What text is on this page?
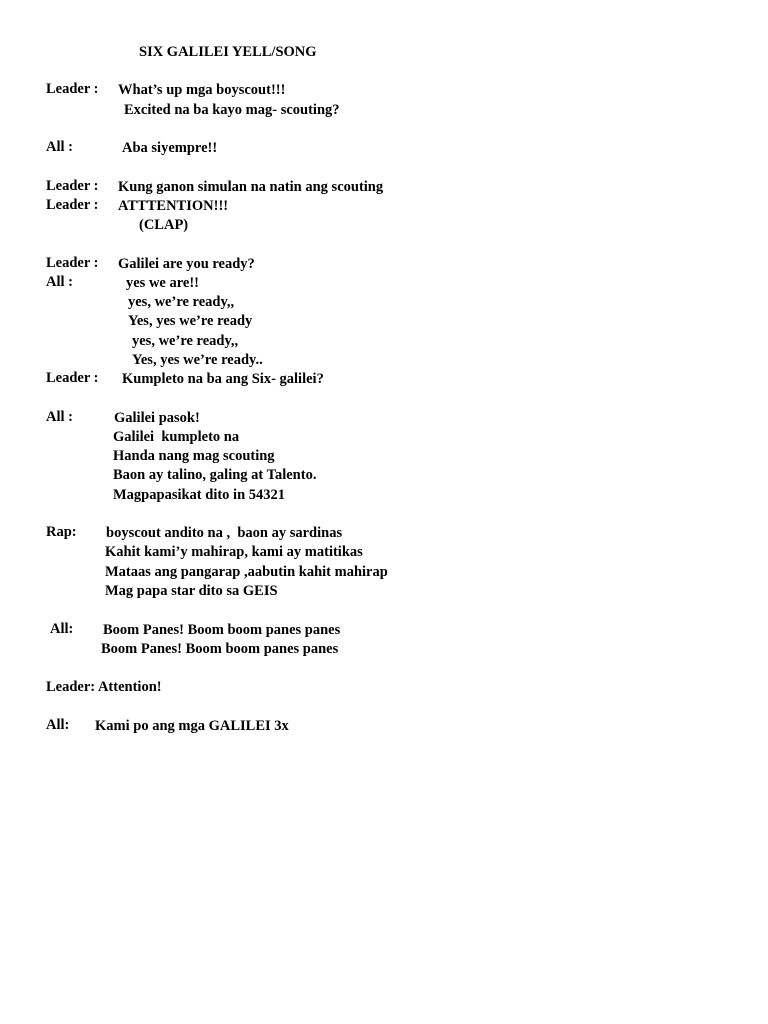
SIX GALILEI YELL/SONG
Leader : What’s up mga boyscout!!!
Excited na ba kayo mag- scouting?
All :	Aba siyempre!!
Leader : Kung ganon simulan na natin ang scouting
Leader : ATTTENTION!!!
(CLAP)
Leader : Galilei are you ready?
All :	yes we are!!
yes, we’re ready,,
Yes, yes we’re ready
yes, we’re ready,,
Yes, yes we’re ready..
Leader : Kumpleto na ba ang Six- galilei?
All :	Galilei pasok!
Galilei  kumpleto na
Handa nang mag scouting
Baon ay talino, galing at Talento.
Magpapasikat dito in 54321
Rap: boyscout andito na ,  baon ay sardinas
Kahit kami’y mahirap, kami ay matitikas
Mataas ang pangarap ,aabutin kahit mahirap
Mag papa star dito sa GEIS
All: Boom Panes! Boom boom panes panes
Boom Panes! Boom boom panes panes
Leader: Attention!
All: Kami po ang mga GALILEI 3x
